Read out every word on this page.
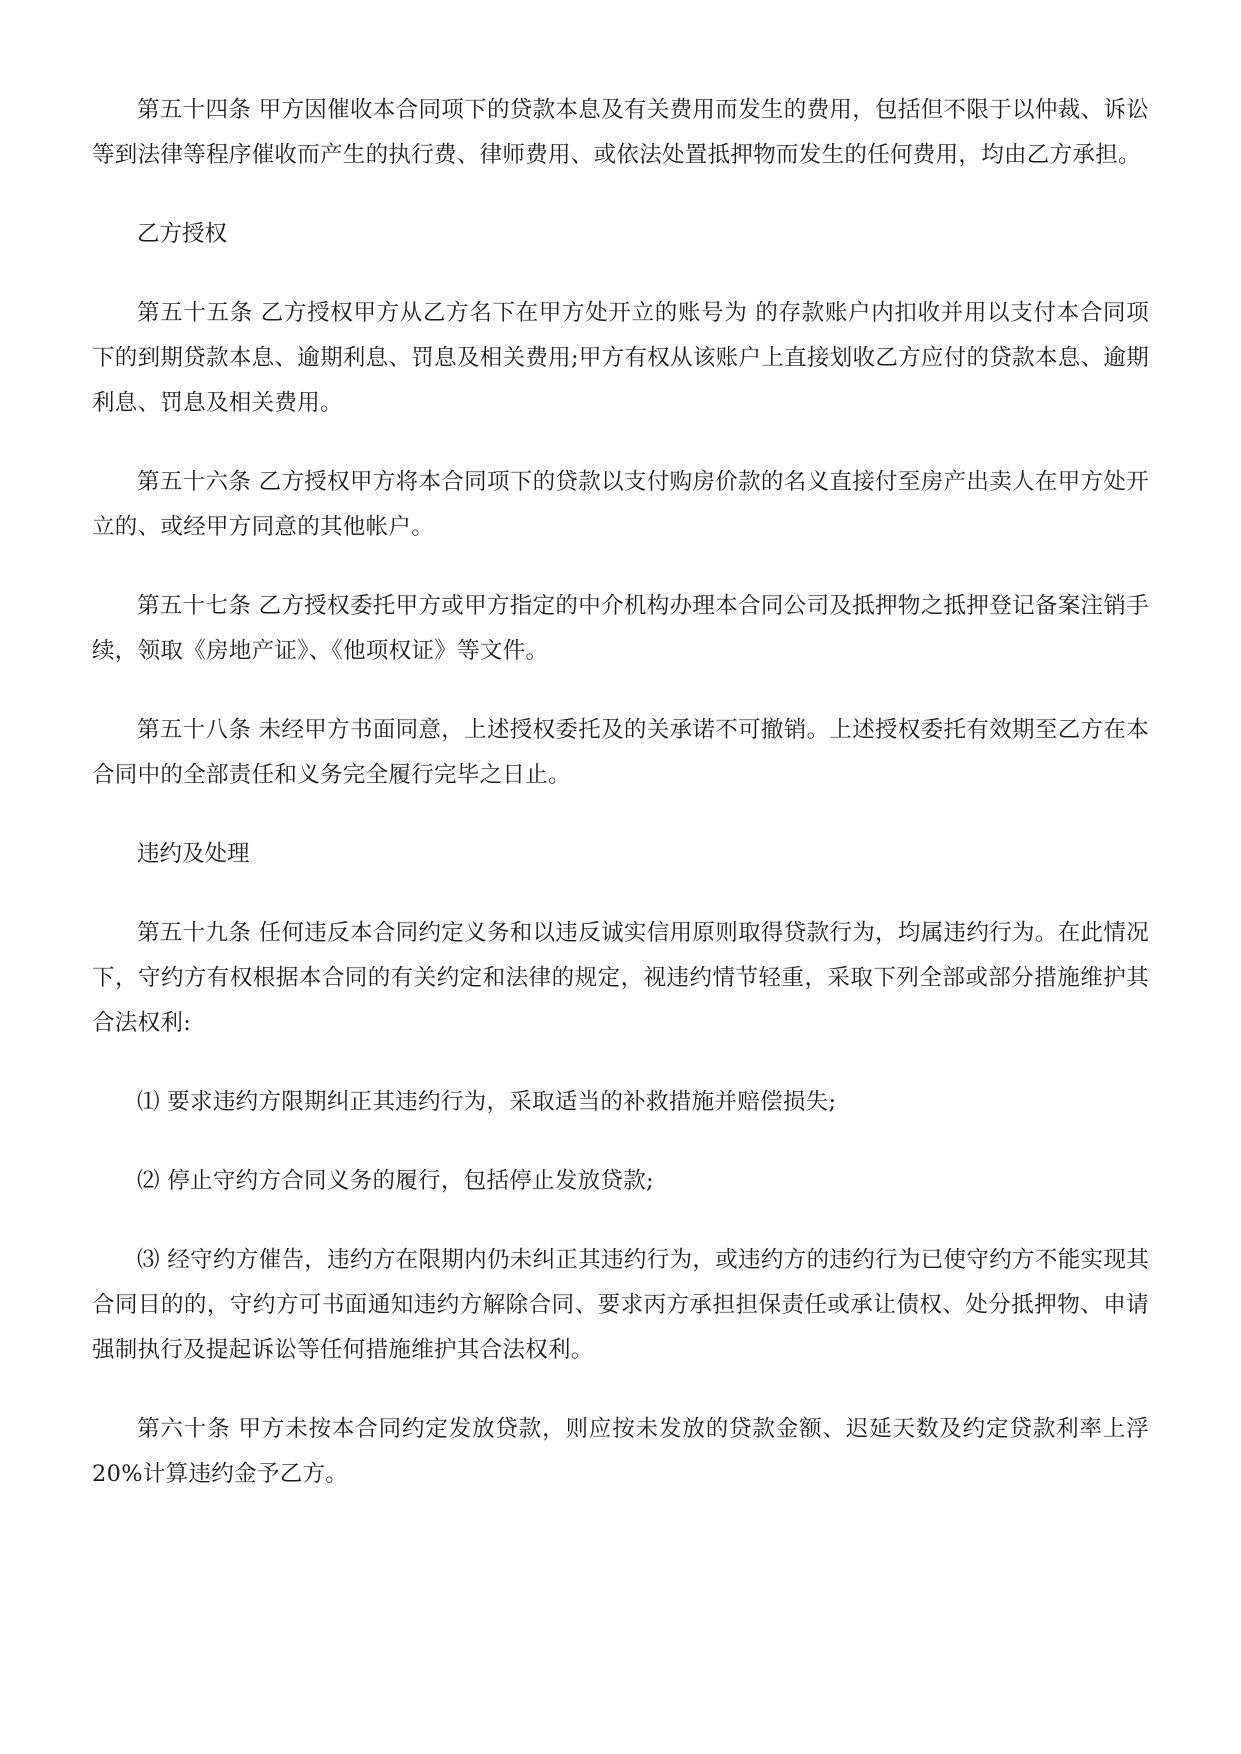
第五十四条 甲方因催收本合同项下的贷款本息及有关费用而发生的费用，包括但不限于以仲裁、诉讼等到法律等程序催收而产生的执行费、律师费用、或依法处置抵押物而发生的任何费用，均由乙方承担。

乙方授权

第五十五条 乙方授权甲方从乙方名下在甲方处开立的账号为 的存款账户内扣收并用以支付本合同项下的到期贷款本息、逾期利息、罚息及相关费用;甲方有权从该账户上直接划收乙方应付的贷款本息、逾期利息、罚息及相关费用。

第五十六条 乙方授权甲方将本合同项下的贷款以支付购房价款的名义直接付至房产出卖人在甲方处开立的、或经甲方同意的其他帐户。

第五十七条 乙方授权委托甲方或甲方指定的中介机构办理本合同公司及抵押物之抵押登记备案注销手续，领取《房地产证》、《他项权证》等文件。

第五十八条 未经甲方书面同意，上述授权委托及的关承诺不可撤销。上述授权委托有效期至乙方在本合同中的全部责任和义务完全履行完毕之日止。

违约及处理

第五十九条 任何违反本合同约定义务和以违反诚实信用原则取得贷款行为，均属违约行为。在此情况下，守约方有权根据本合同的有关约定和法律的规定，视违约情节轻重，采取下列全部或部分措施维护其合法权利:

⑴ 要求违约方限期纠正其违约行为，采取适当的补救措施并赔偿损失;

⑵ 停止守约方合同义务的履行，包括停止发放贷款;

⑶ 经守约方催告，违约方在限期内仍未纠正其违约行为，或违约方的违约行为已使守约方不能实现其合同目的的，守约方可书面通知违约方解除合同、要求丙方承担担保责任或承让债权、处分抵押物、申请强制执行及提起诉讼等任何措施维护其合法权利。

第六十条 甲方未按本合同约定发放贷款，则应按未发放的贷款金额、迟延天数及约定贷款利率上浮 20%计算违约金予乙方。
